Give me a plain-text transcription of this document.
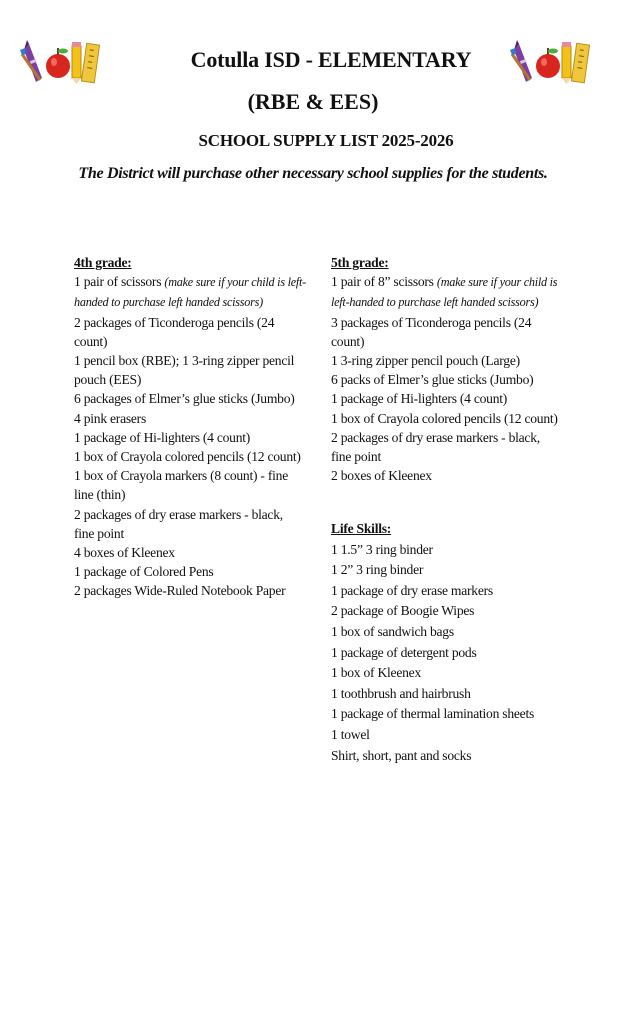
Cotulla ISD - ELEMENTARY
(RBE & EES)
SCHOOL SUPPLY LIST 2025-2026
The District will purchase other necessary school supplies for the students.
4th grade:
1 pair of scissors (make sure if your child is left-handed to purchase left handed scissors)
2 packages of Ticonderoga pencils (24 count)
1 pencil box (RBE); 1 3-ring zipper pencil pouch (EES)
6 packages of Elmer’s glue sticks (Jumbo)
4 pink erasers
1 package of Hi-lighters (4 count)
1 box of Crayola colored pencils (12 count)
1 box of Crayola markers (8 count) - fine line (thin)
2 packages of dry erase markers - black, fine point
4 boxes of Kleenex
1 package of Colored Pens
2 packages Wide-Ruled Notebook Paper
5th grade:
1 pair of 8” scissors (make sure if your child is left-handed to purchase left handed scissors)
3 packages of Ticonderoga pencils (24 count)
1 3-ring zipper pencil pouch (Large)
6 packs of Elmer’s glue sticks (Jumbo)
1 package of Hi-lighters (4 count)
1 box of Crayola colored pencils (12 count)
2 packages of dry erase markers - black, fine point
2 boxes of Kleenex
Life Skills:
1 1.5” 3 ring binder
1 2” 3 ring binder
1 package of dry erase markers
2 package of Boogie Wipes
1 box of sandwich bags
1 package of detergent pods
1 box of Kleenex
1 toothbrush and hairbrush
1 package of thermal lamination sheets
1 towel
Shirt, short, pant and socks
